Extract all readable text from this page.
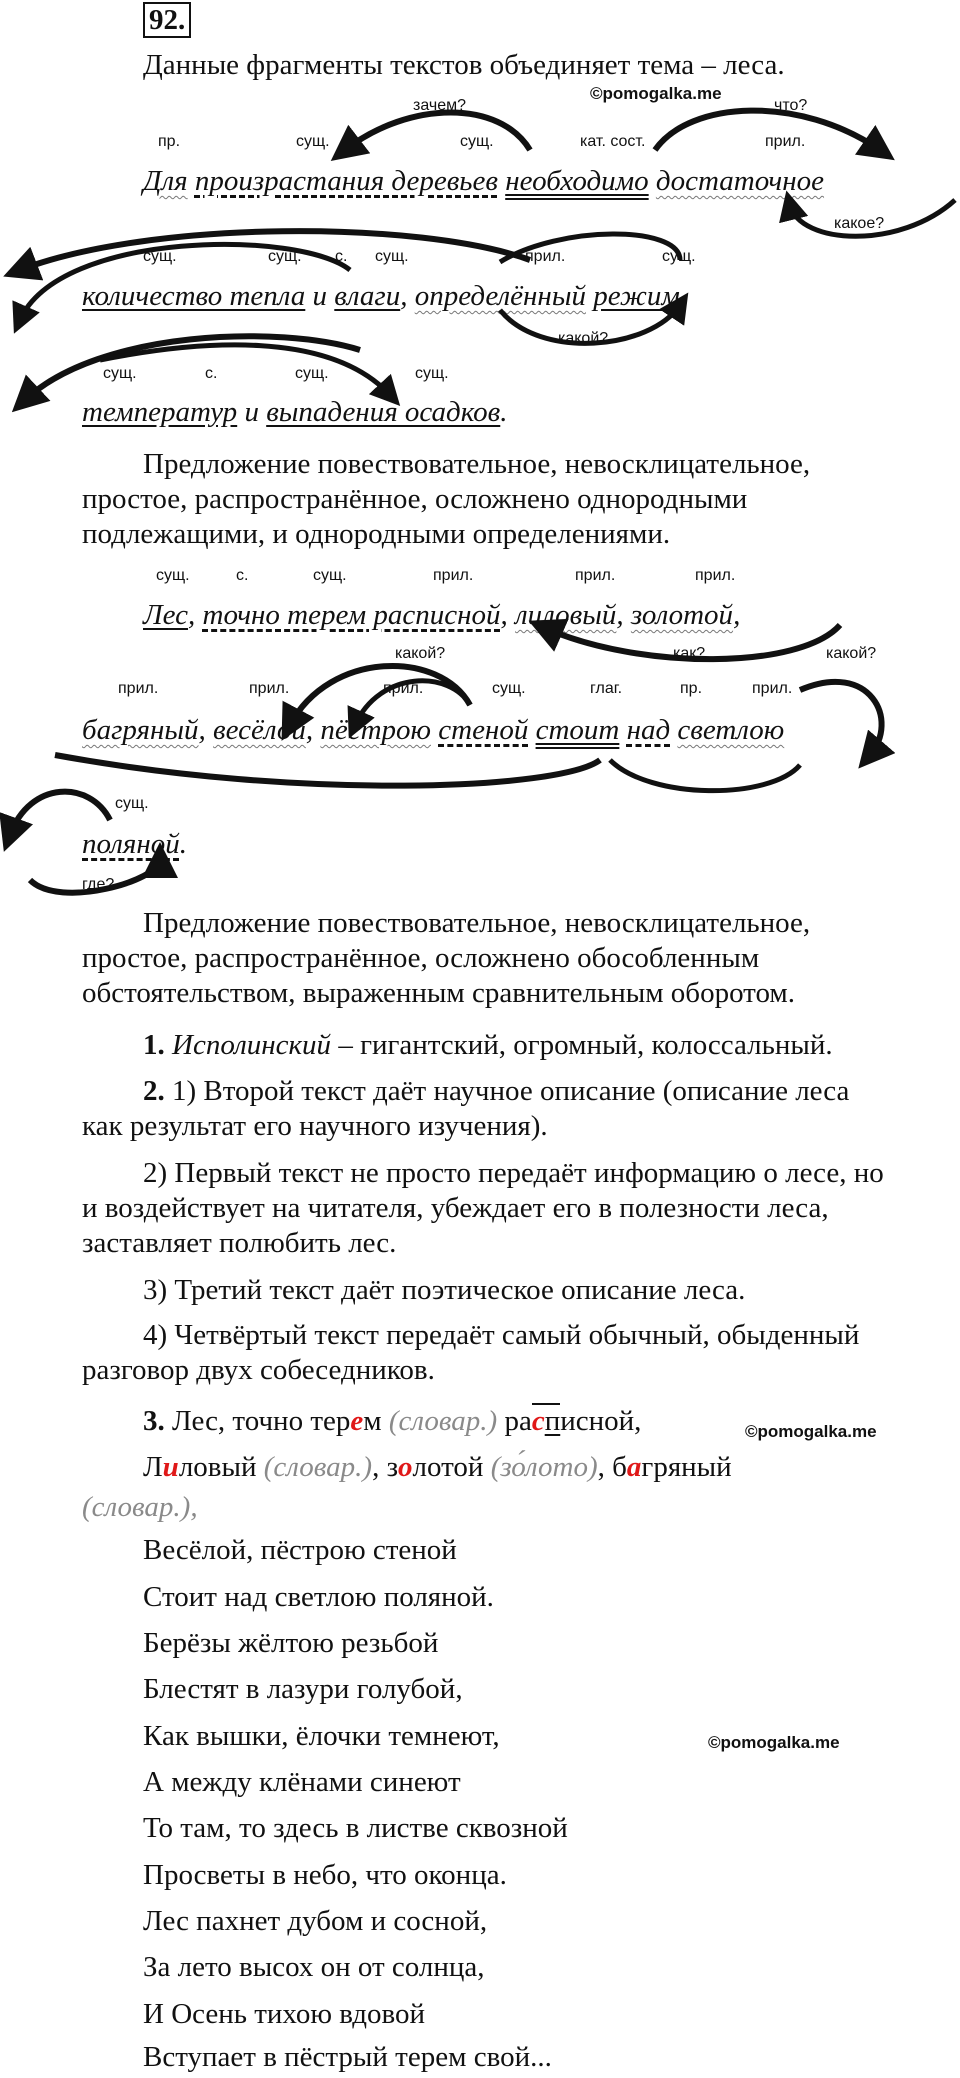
92.
Данные фрагменты текстов объединяет тема – леса.
©pomogalka.me
пр.	сущ.	сущ.	кат. сост.	прил.
зачем?	что?
какое?
Для произрастания деревьев необходимо достаточное
сущ.	сущ. с. сущ.	прил.	сущ.
какой?
количество тепла и влаги, определённый режим
сущ.	с.	сущ.	сущ.
температур и выпадения осадков.
Предложение повествовательное, невосклицательное, простое, распространённое, осложнено однородными подлежащими, и однородными определениями.
сущ.	с.	сущ.	прил.	прил.	прил.
Лес, точно терем расписной, лиловый, золотой,
какой?	как?	какой?
прил.	прил.	прил.	сущ.	глаг.	пр.	прил.
багряный, весёлой, пёстрою стеной стоит над светлою
сущ.
поляной.
где?
Предложение повествовательное, невосклицательное, простое, распространённое, осложнено обособленным обстоятельством, выраженным сравнительным оборотом.
1. Исполинский – гигантский, огромный, колоссальный.
2. 1) Второй текст даёт научное описание (описание леса как результат его научного изучения).
2) Первый текст не просто передаёт информацию о лесе, но и воздействует на читателя, убеждает его в полезности леса, заставляет полюбить лес.
3) Третий текст даёт поэтическое описание леса.
4) Четвёртый текст передаёт самый обычный, обыденный разговор двух собеседников.
3. Лес, точно терем (словар.) расписной,	©pomogalka.me
Лиловый (словар.), золотой (зо́лото), багряный
(словар.),
Весёлой, пёстрою стеной
Стоит над светлою поляной.
Берёзы жёлтою резьбой
Блестят в лазури голубой,
Как вышки, ёлочки темнеют,	©pomogalka.me
А между клёнами синеют
То там, то здесь в листве сквозной
Просветы в небо, что оконца.
Лес пахнет дубом и сосной,
За лето высох он от солнца,
И Осень тихою вдовой
Вступает в пёстрый терем свой...
